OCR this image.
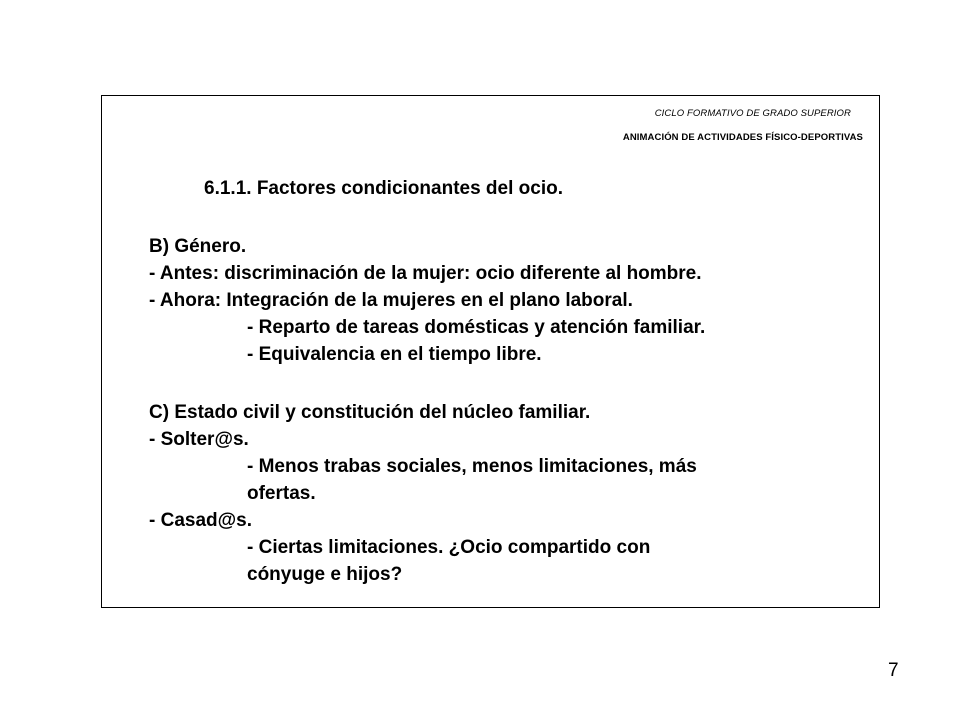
CICLO FORMATIVO DE GRADO SUPERIOR
ANIMACIÓN DE ACTIVIDADES FÍSICO-DEPORTIVAS
6.1.1. Factores condicionantes del ocio.
B) Género.
- Antes: discriminación de la mujer: ocio diferente al hombre.
- Ahora: Integración de la mujeres en el plano laboral.
- Reparto de tareas domésticas y atención familiar.
- Equivalencia en el tiempo libre.
C) Estado civil y constitución del núcleo familiar.
- Solter@s.
- Menos trabas sociales, menos limitaciones, más
ofertas.
- Casad@s.
- Ciertas limitaciones. ¿Ocio compartido con
cónyuge e hijos?
7
